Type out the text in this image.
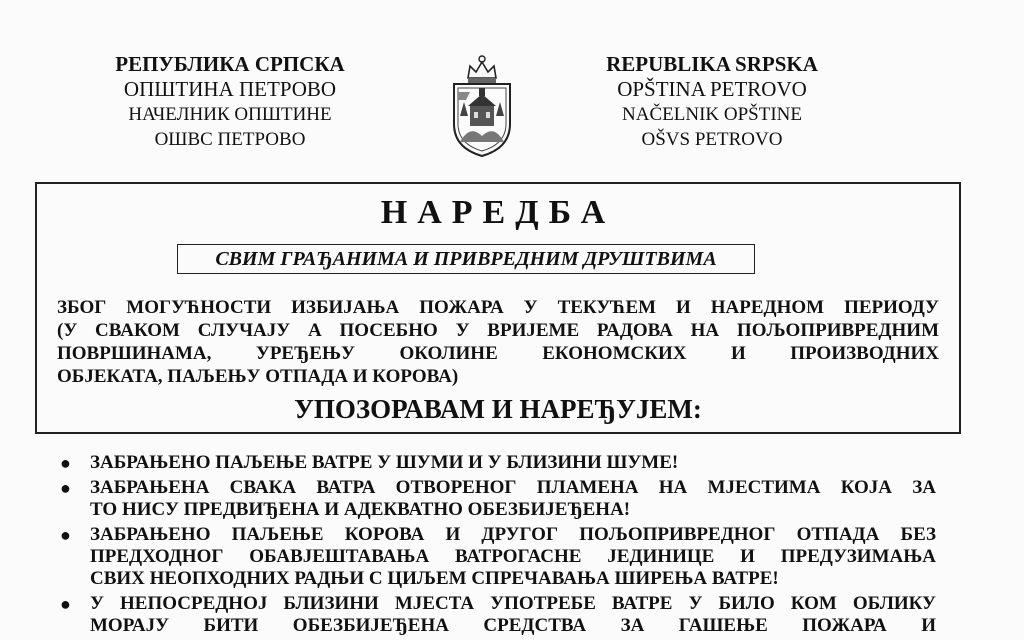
РЕПУБЛИКА СРПСКА
ОПШТИНА ПЕТРОВО
НАЧЕЛНИК ОПШТИНЕ
ОШВС ПЕТРОВО
REPUBLIKA SRPSKA
OPŠTINA PETROVO
NAČELNIK OPŠTINE
OŠVS PETROVO
НАРЕДБА
СВИМ ГРАЂАНИМА И ПРИВРЕДНИМ ДРУШТВИМА
ЗБОГ МОГУЋНОСТИ ИЗБИЈАЊА ПОЖАРА У ТЕКУЋЕМ И НАРЕДНОМ ПЕРИОДУ
(У СВАКОМ СЛУЧАЈУ А ПОСЕБНО У ВРИЈЕМЕ РАДОВА НА ПОЉОПРИВРЕДНИМ
ПОВРШИНАМА, УРЕЂЕЊУ ОКОЛИНЕ ЕКОНОМСКИХ И ПРОИЗВОДНИХ
ОБЈЕКАТА, ПАЉЕЊУ ОТПАДА И КОРОВА)
УПОЗОРАВАМ И НАРЕЂУЈЕМ:
● ЗАБРАЊЕНО ПАЉЕЊЕ ВАТРЕ У ШУМИ И У БЛИЗИНИ ШУМЕ!
● ЗАБРАЊЕНА СВАКА ВАТРА ОТВОРЕНОГ ПЛАМЕНА НА МЈЕСТИМА КОЈА ЗА
ТО НИСУ ПРЕДВИЂЕНА И АДЕКВАТНО ОБЕЗБИЈЕЂЕНА!
● ЗАБРАЊЕНО ПАЉЕЊЕ КОРОВА И ДРУГОГ ПОЉОПРИВРЕДНОГ ОТПАДА БЕЗ
ПРЕДХОДНОГ ОБАВЈЕШТАВАЊА ВАТРОГАСНЕ ЈЕДИНИЦЕ И ПРЕДУЗИМАЊА
СВИХ НЕОПХОДНИХ РАДЊИ С ЦИЉЕМ СПРЕЧАВАЊА ШИРЕЊА ВАТРЕ!
● У НЕПОСРЕДНОЈ БЛИЗИНИ МЈЕСТА УПОТРЕБЕ ВАТРЕ У БИЛО КОМ ОБЛИКУ
МОРАЈУ БИТИ ОБЕЗБИЈЕЂЕНА СРЕДСТВА ЗА ГАШЕЊЕ ПОЖАРА И
